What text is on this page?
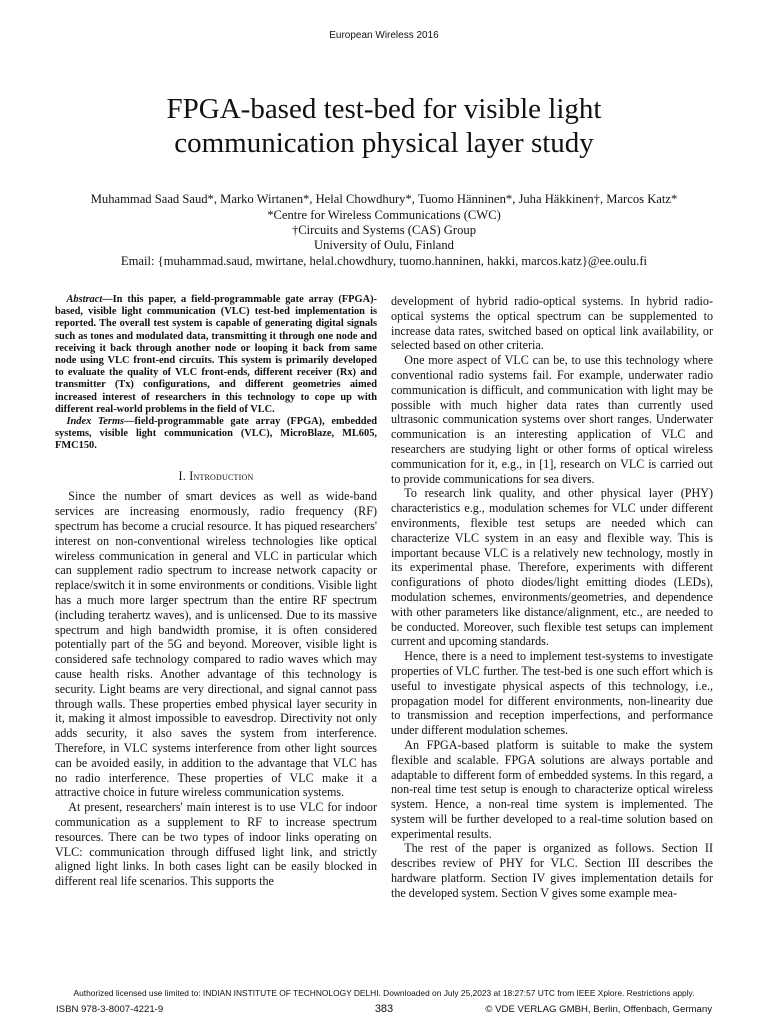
European Wireless 2016
FPGA-based test-bed for visible light
communication physical layer study
Muhammad Saad Saud*, Marko Wirtanen*, Helal Chowdhury*, Tuomo Hänninen*, Juha Häkkinen†, Marcos Katz*
*Centre for Wireless Communications (CWC)
†Circuits and Systems (CAS) Group
University of Oulu, Finland
Email: {muhammad.saud, mwirtane, helal.chowdhury, tuomo.hanninen, hakki, marcos.katz}@ee.oulu.fi

Abstract—In this paper, a field-programmable gate array (FPGA)-based, visible light communication (VLC) test-bed implementation is reported. The overall test system is capable of generating digital signals such as tones and modulated data, transmitting it through one node and receiving it back through another node or looping it back from same node using VLC front-end circuits. This system is primarily developed to evaluate the quality of VLC front-ends, different receiver (Rx) and transmitter (Tx) configurations, and different geometries aimed increased interest of researchers in this technology to cope up with different real-world problems in the field of VLC.

Index Terms—field-programmable gate array (FPGA), embedded systems, visible light communication (VLC), MicroBlaze, ML605, FMC150.

I. Introduction

Since the number of smart devices as well as wide-band services are increasing enormously, radio frequency (RF) spectrum has become a crucial resource. It has piqued researchers' interest on non-conventional wireless technologies like optical wireless communication in general and VLC in particular which can supplement radio spectrum to increase network capacity or replace/switch it in some environments or conditions. Visible light has a much more larger spectrum than the entire RF spectrum (including terahertz waves), and is unlicensed. Due to its massive spectrum and high bandwidth promise, it is often considered potentially part of the 5G and beyond. Moreover, visible light is considered safe technology compared to radio waves which may cause health risks. Another advantage of this technology is security. Light beams are very directional, and signal cannot pass through walls. These properties embed physical layer security in it, making it almost impossible to eavesdrop. Directivity not only adds security, it also saves the system from interference. Therefore, in VLC systems interference from other light sources can be avoided easily, in addition to the advantage that VLC has no radio interference. These properties of VLC make it a attractive choice in future wireless communication systems.

At present, researchers' main interest is to use VLC for indoor communication as a supplement to RF to increase spectrum resources. There can be two types of indoor links operating on VLC: communication through diffused light link, and strictly aligned light links. In both cases light can be easily blocked in different real life scenarios. This supports the

development of hybrid radio-optical systems. In hybrid radio-optical systems the optical spectrum can be supplemented to increase data rates, switched based on optical link availability, or selected based on other criteria.

One more aspect of VLC can be, to use this technology where conventional radio systems fail. For example, underwater radio communication is difficult, and communication with light may be possible with much higher data rates than currently used ultrasonic communication systems over short ranges. Underwater communication is an interesting application of VLC and researchers are studying light or other forms of optical wireless communication for it, e.g., in [1], research on VLC is carried out to provide communications for sea divers.

To research link quality, and other physical layer (PHY) characteristics e.g., modulation schemes for VLC under different environments, flexible test setups are needed which can characterize VLC system in an easy and flexible way. This is important because VLC is a relatively new technology, mostly in its experimental phase. Therefore, experiments with different configurations of photo diodes/light emitting diodes (LEDs), modulation schemes, environments/geometries, and dependence with other parameters like distance/alignment, etc., are needed to be conducted. Moreover, such flexible test setups can implement current and upcoming standards.

Hence, there is a need to implement test-systems to investigate properties of VLC further. The test-bed is one such effort which is useful to investigate physical aspects of this technology, i.e., propagation model for different environments, non-linearity due to transmission and reception imperfections, and performance under different modulation schemes.

An FPGA-based platform is suitable to make the system flexible and scalable. FPGA solutions are always portable and adaptable to different form of embedded systems. In this regard, a non-real time test setup is enough to characterize optical wireless system. Hence, a non-real time system is implemented. The system will be further developed to a real-time solution based on experimental results.

The rest of the paper is organized as follows. Section II describes review of PHY for VLC. Section III describes the hardware platform. Section IV gives implementation details for the developed system. Section V gives some example mea-

Authorized licensed use limited to: INDIAN INSTITUTE OF TECHNOLOGY DELHI. Downloaded on July 25,2023 at 18:27:57 UTC from IEEE Xplore. Restrictions apply.
ISBN 978-3-8007-4221-9	383	© VDE VERLAG GMBH, Berlin, Offenbach, Germany
